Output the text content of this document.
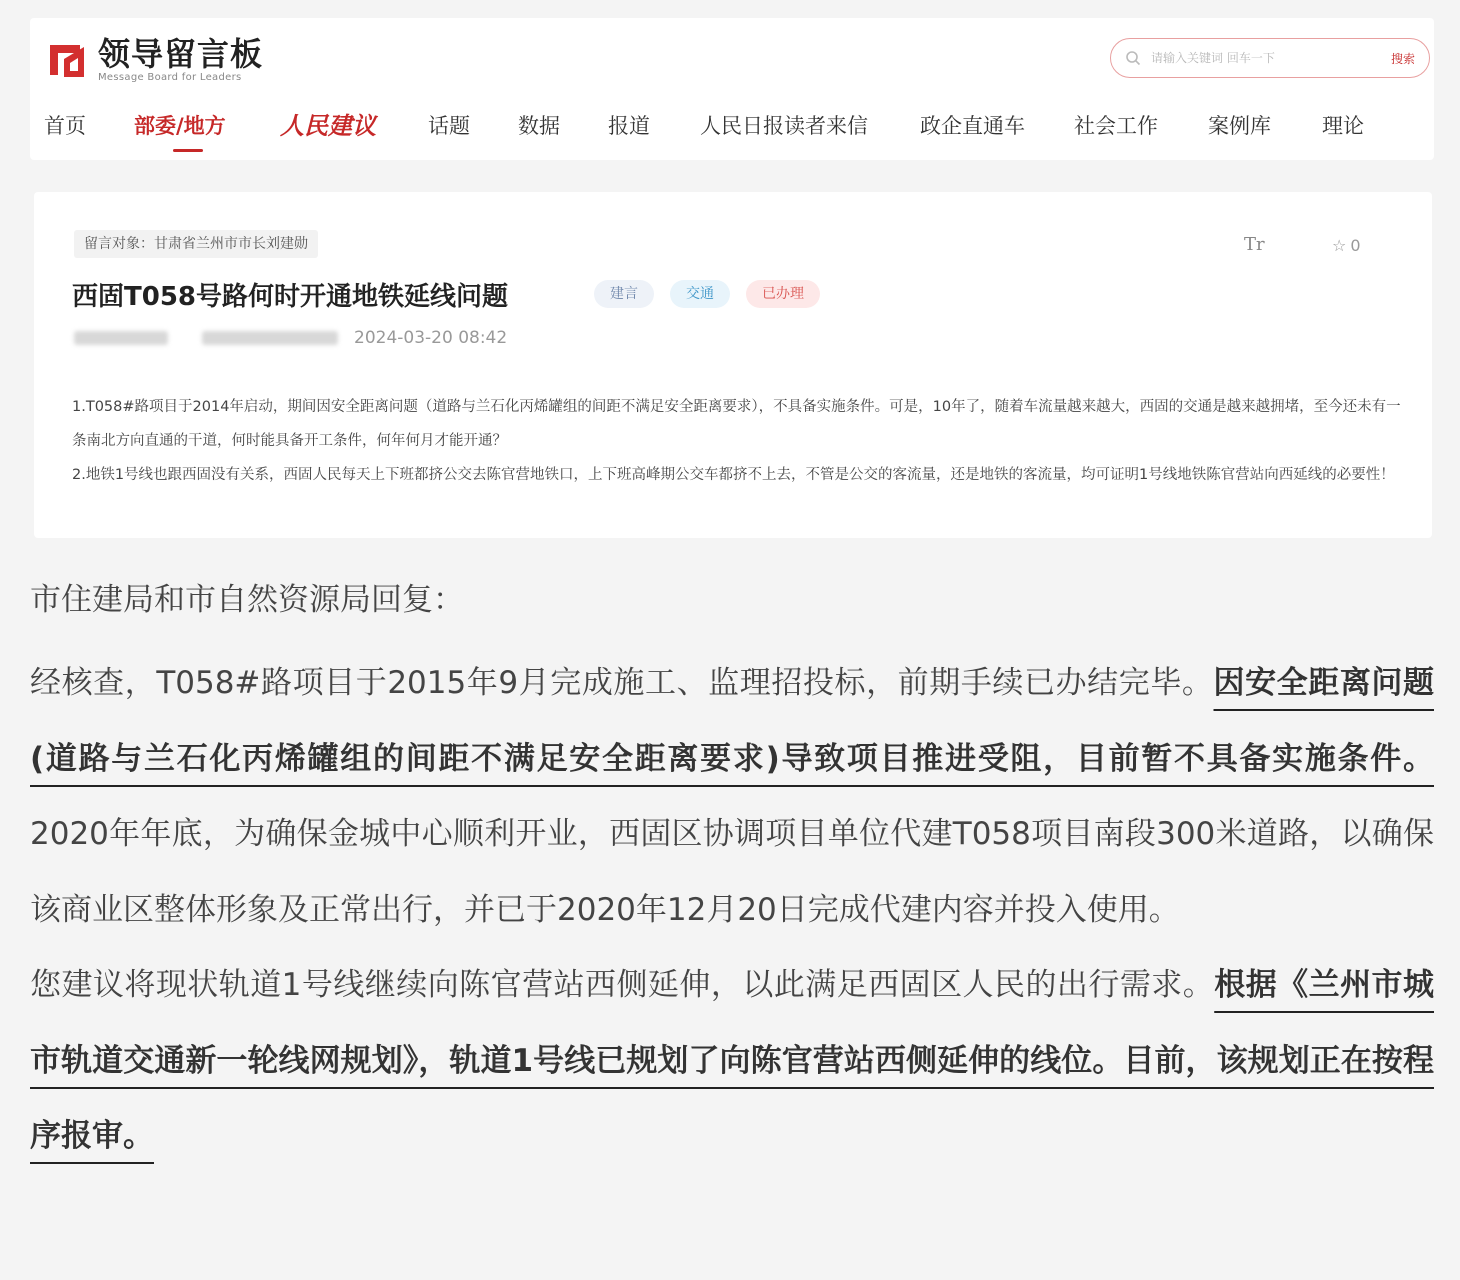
领导留言板
Message Board for Leaders
请输入关键词 回车一下
搜索
首页 部委/地方 人民建议 话题 数据 报道 人民日报读者来信 政企直通车 社会工作 案例库 理论
留言对象：甘肃省兰州市市长刘建勋	Tr	☆ 0
西固T058号路何时开通地铁延线问题	建言	交通	已办理
2024-03-20 08:42

1.T058#路项目于2014年启动，期间因安全距离问题（道路与兰石化丙烯罐组的间距不满足安全距离要求），不具备实施条件。可是，10年了，随着车流量越来越大，西固的交通是越来越拥堵，至今还未有一条南北方向直通的干道，何时能具备开工条件，何年何月才能开通？

2.地铁1号线也跟西固没有关系，西固人民每天上下班都挤公交去陈官营地铁口，上下班高峰期公交车都挤不上去，不管是公交的客流量，还是地铁的客流量，均可证明1号线地铁陈官营站向西延线的必要性！

市住建局和市自然资源局回复：
经核查，T058#路项目于2015年9月完成施工、监理招投标，前期手续已办结完毕。因安全距离问题(道路与兰石化丙烯罐组的间距不满足安全距离要求)导致项目推进受阻，目前暂不具备实施条件。2020年年底，为确保金城中心顺利开业，西固区协调项目单位代建T058项目南段300米道路，以确保该商业区整体形象及正常出行，并已于2020年12月20日完成代建内容并投入使用。
您建议将现状轨道1号线继续向陈官营站西侧延伸，以此满足西固区人民的出行需求。根据《兰州市城市轨道交通新一轮线网规划》，轨道1号线已规划了向陈官营站西侧延伸的线位。目前，该规划正在按程序报审。
